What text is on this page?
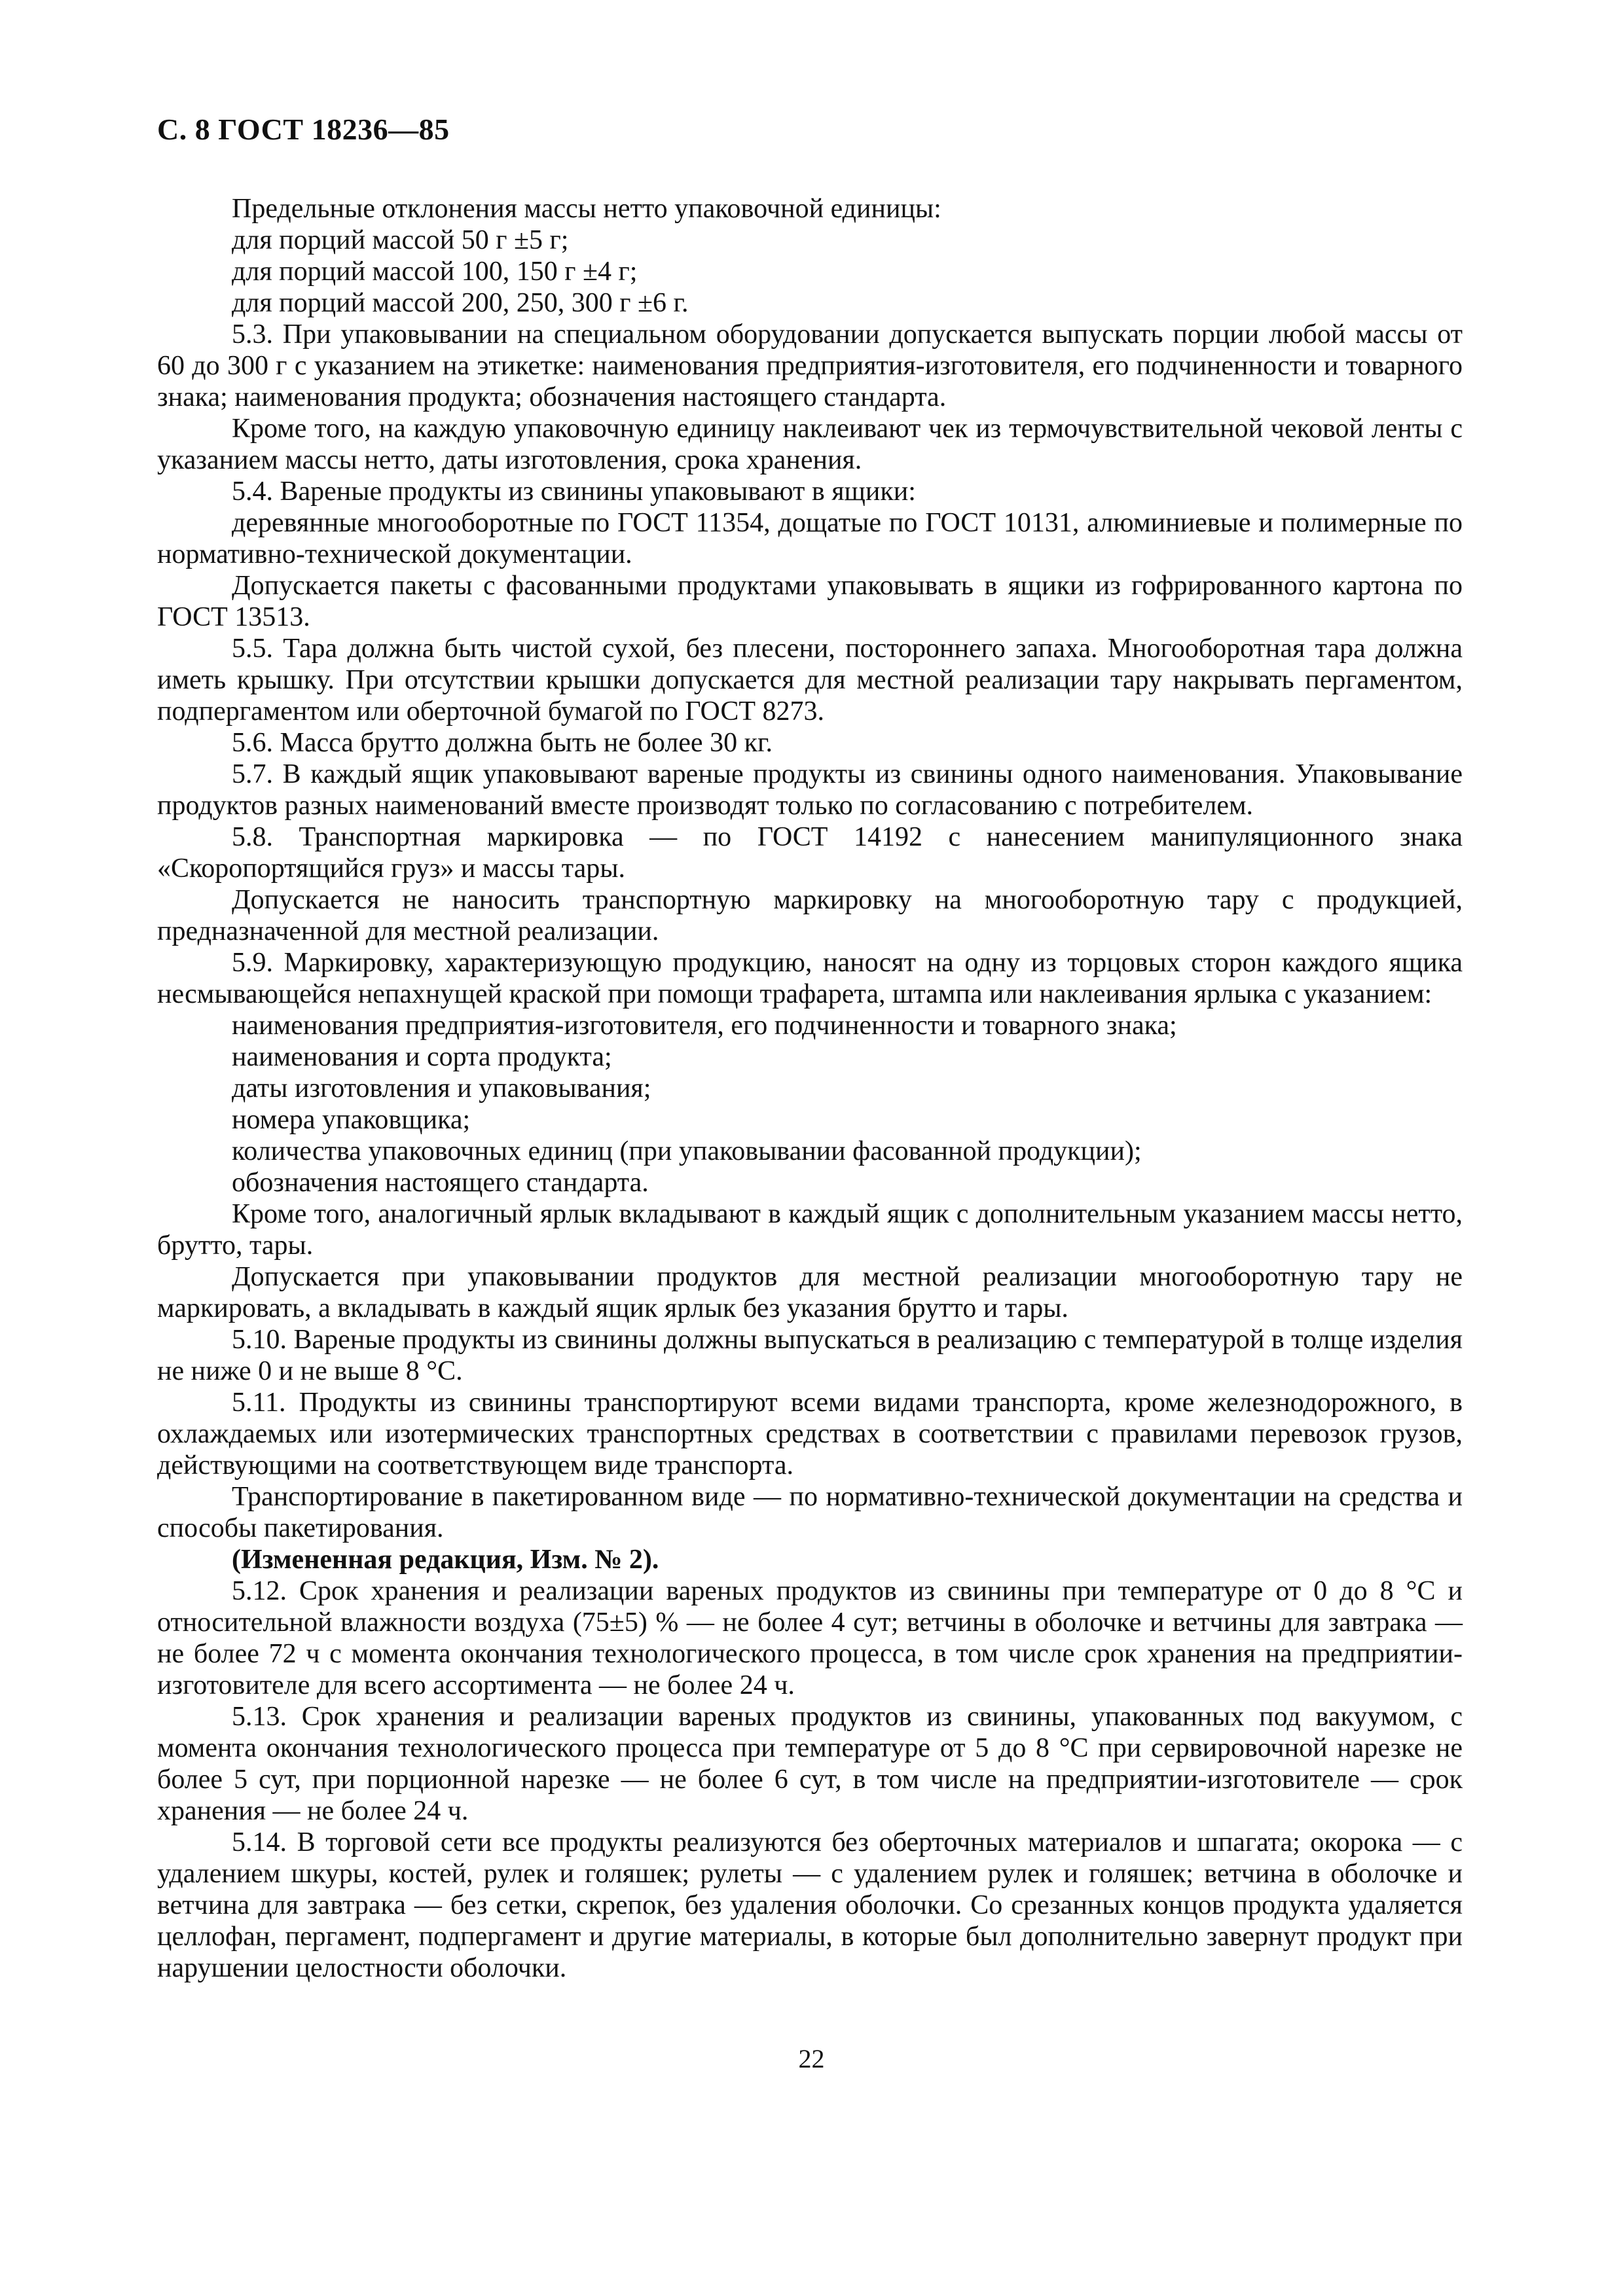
С. 8 ГОСТ 18236—85

Предельные отклонения массы нетто упаковочной единицы:

для порций массой 50 г ±5 г;

для порций массой 100, 150 г ±4 г;

для порций массой 200, 250, 300 г ±6 г.

5.3. При упаковывании на специальном оборудовании допускается выпускать порции любой массы от 60 до 300 г с указанием на этикетке: наименования предприятия-изготовителя, его подчиненности и товарного знака; наименования продукта; обозначения настоящего стандарта.

Кроме того, на каждую упаковочную единицу наклеивают чек из термочувствительной чековой ленты с указанием массы нетто, даты изготовления, срока хранения.

5.4. Вареные продукты из свинины упаковывают в ящики:

деревянные многооборотные по ГОСТ 11354, дощатые по ГОСТ 10131, алюминиевые и полимерные по нормативно-технической документации.

Допускается пакеты с фасованными продуктами упаковывать в ящики из гофрированного картона по ГОСТ 13513.

5.5. Тара должна быть чистой сухой, без плесени, постороннего запаха. Многооборотная тара должна иметь крышку. При отсутствии крышки допускается для местной реализации тару накрывать пергаментом, подпергаментом или оберточной бумагой по ГОСТ 8273.

5.6. Масса брутто должна быть не более 30 кг.

5.7. В каждый ящик упаковывают вареные продукты из свинины одного наименования. Упаковывание продуктов разных наименований вместе производят только по согласованию с потребителем.

5.8. Транспортная маркировка — по ГОСТ 14192 с нанесением манипуляционного знака «Скоропортящийся груз» и массы тары.

Допускается не наносить транспортную маркировку на многооборотную тару с продукцией, предназначенной для местной реализации.

5.9. Маркировку, характеризующую продукцию, наносят на одну из торцовых сторон каждого ящика несмывающейся непахнущей краской при помощи трафарета, штампа или наклеивания ярлыка с указанием:

наименования предприятия-изготовителя, его подчиненности и товарного знака;

наименования и сорта продукта;

даты изготовления и упаковывания;

номера упаковщика;

количества упаковочных единиц (при упаковывании фасованной продукции);

обозначения настоящего стандарта.

Кроме того, аналогичный ярлык вкладывают в каждый ящик с дополнительным указанием массы нетто, брутто, тары.

Допускается при упаковывании продуктов для местной реализации многооборотную тару не маркировать, а вкладывать в каждый ящик ярлык без указания брутто и тары.

5.10. Вареные продукты из свинины должны выпускаться в реализацию с температурой в толще изделия не ниже 0 и не выше 8 °С.

5.11. Продукты из свинины транспортируют всеми видами транспорта, кроме железнодорожного, в охлаждаемых или изотермических транспортных средствах в соответствии с правилами перевозок грузов, действующими на соответствующем виде транспорта.

Транспортирование в пакетированном виде — по нормативно-технической документации на средства и способы пакетирования.

(Измененная редакция, Изм. № 2).

5.12. Срок хранения и реализации вареных продуктов из свинины при температуре от 0 до 8 °С и относительной влажности воздуха (75±5) % — не более 4 сут; ветчины в оболочке и ветчины для завтрака — не более 72 ч с момента окончания технологического процесса, в том числе срок хранения на предприятии-изготовителе для всего ассортимента — не более 24 ч.

5.13. Срок хранения и реализации вареных продуктов из свинины, упакованных под вакуумом, с момента окончания технологического процесса при температуре от 5 до 8 °С при сервировочной нарезке не более 5 сут, при порционной нарезке — не более 6 сут, в том числе на предприятии-изготовителе — срок хранения — не более 24 ч.

5.14. В торговой сети все продукты реализуются без оберточных материалов и шпагата; окорока — с удалением шкуры, костей, рулек и голяшек; рулеты — с удалением рулек и голяшек; ветчина в оболочке и ветчина для завтрака — без сетки, скрепок, без удаления оболочки. Со срезанных концов продукта удаляется целлофан, пергамент, подпергамент и другие материалы, в которые был дополнительно завернут продукт при нарушении целостности оболочки.

22
